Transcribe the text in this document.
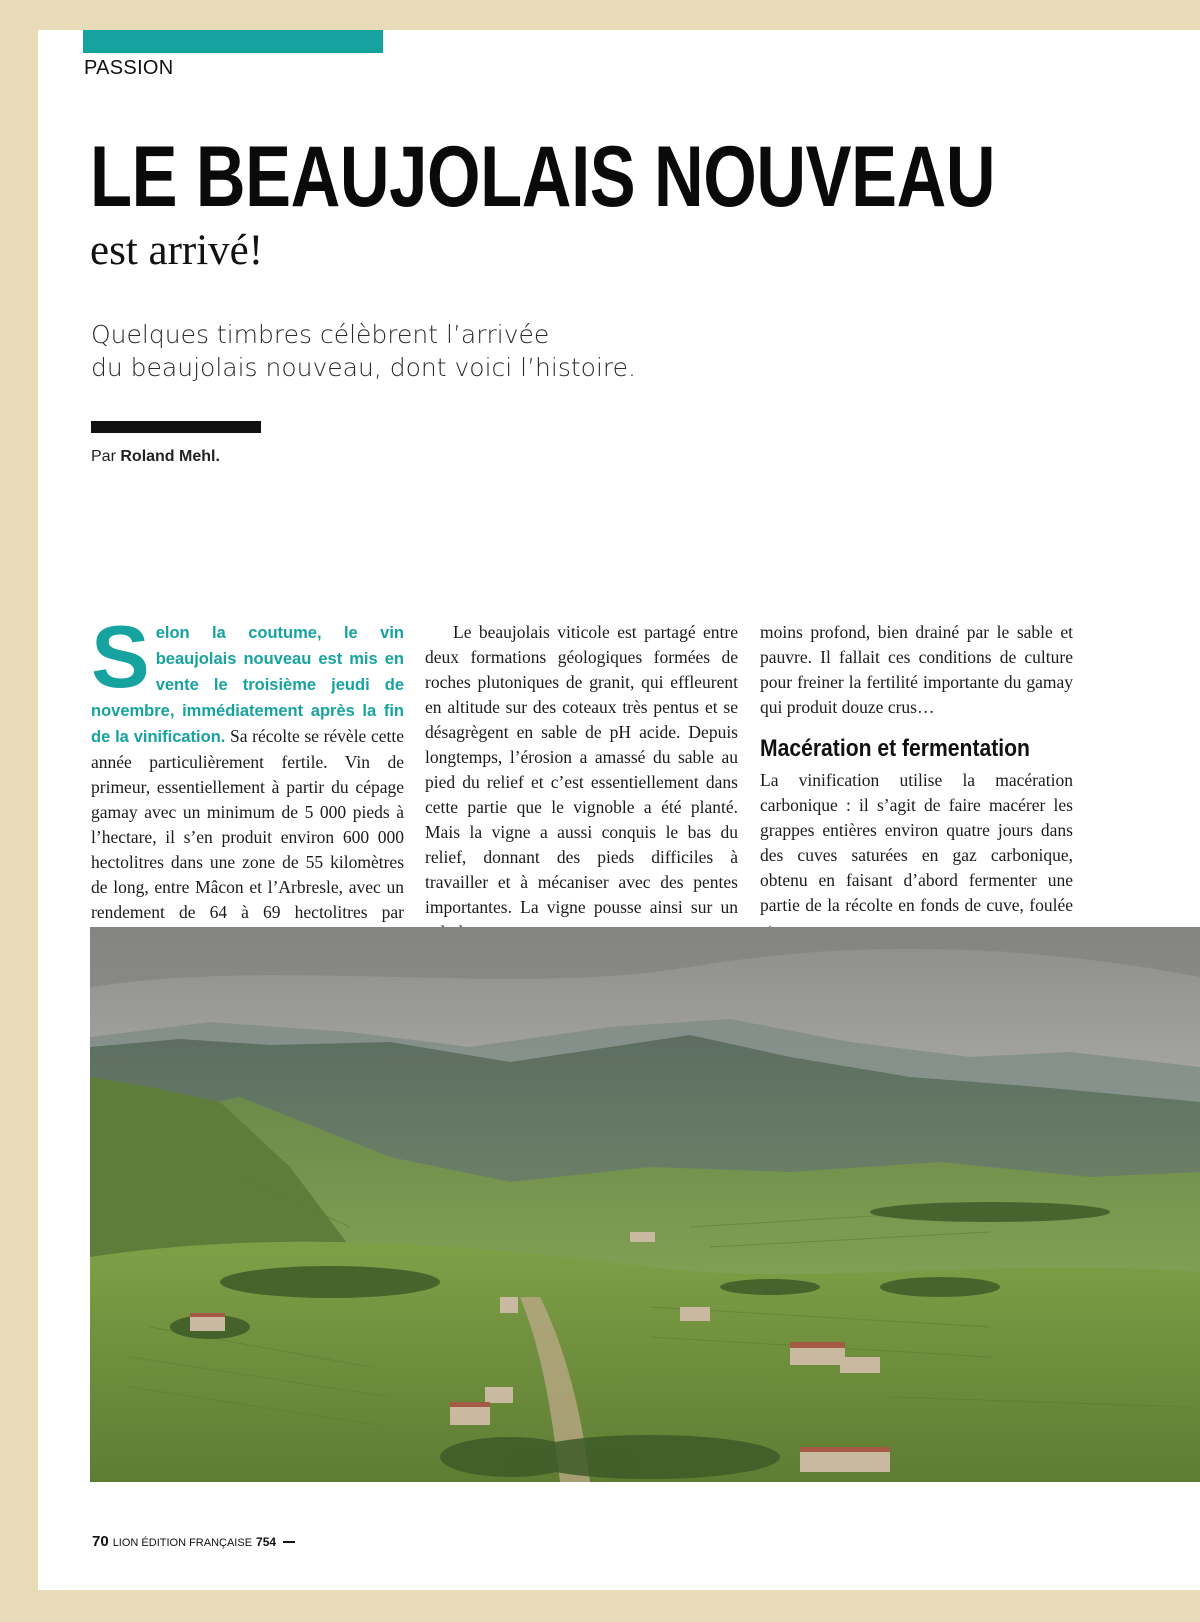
PASSION
LE BEAUJOLAIS NOUVEAU
est arrivé!
Quelques timbres célèbrent l’arrivée
du beaujolais nouveau, dont voici l’histoire.
Par Roland Mehl.

S elon la coutume, le vin beaujolais nouveau est mis en vente le troisième jeudi de novembre, immédiatement après la fin de la vinification. Sa récolte se révèle cette année particulièrement fertile. Vin de primeur, essentiellement à partir du cépage gamay avec un minimum de 5 000 pieds à l’hectare, il s’en produit environ 600 000 hectolitres dans une zone de 55 kilomètres de long, entre Mâcon et l’Arbresle, avec un rendement de 64 à 69 hectolitres par

Le beaujolais viticole est partagé entre deux formations géologiques formées de roches plutoniques de granit, qui effleurent en altitude sur des coteaux très pentus et se désagrègent en sable de pH acide. Depuis longtemps, l’érosion a amassé du sable au pied du relief et c’est essentiellement dans cette partie que le vignoble a été planté. Mais la vigne a aussi conquis le bas du relief, donnant des pieds difficiles à travailler et à mécaniser avec des pentes importantes. La vigne pousse ainsi sur un

moins profond, bien drainé par le sable et pauvre. Il fallait ces conditions de culture pour freiner la fertilité importante du gamay qui produit douze crus…

Macération et fermentation

La vinification utilise la macération carbonique : il s’agit de faire macérer les grappes entières environ quatre jours dans des cuves saturées en gaz carbonique, obtenu en faisant d’abord fermenter une partie de la récolte en fonds de cuve, foulée

70 LION ÉDITION FRANÇAISE 754
